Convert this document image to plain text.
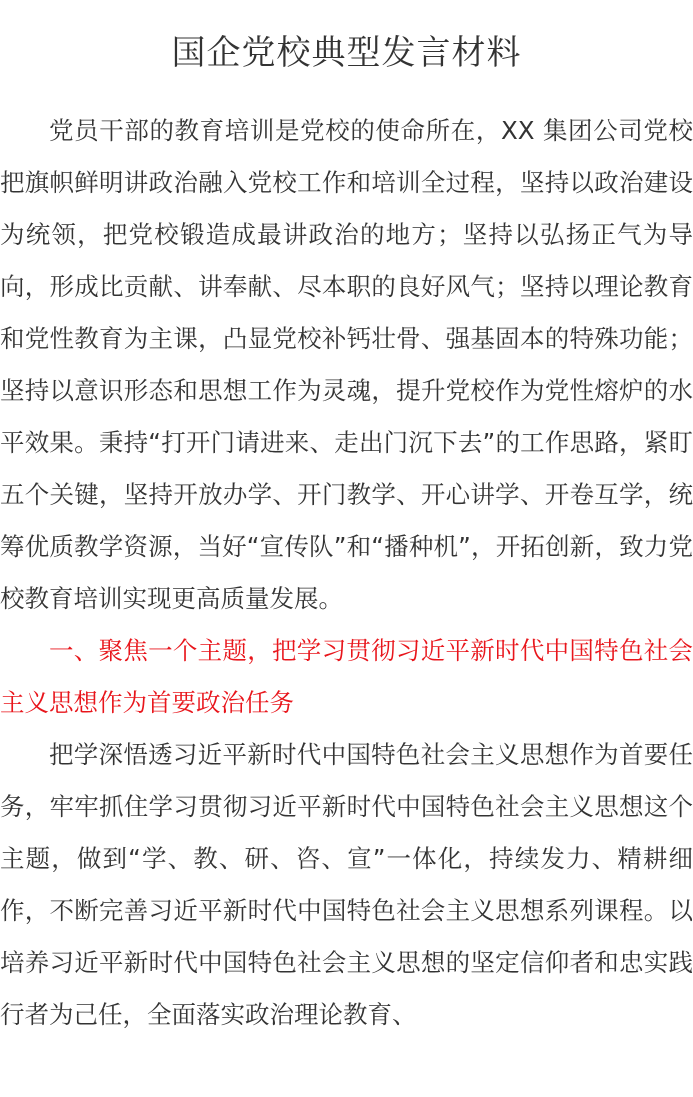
国企党校典型发言材料

党员干部的教育培训是党校的使命所在，XX 集团公司党校把旗帜鲜明讲政治融入党校工作和培训全过程，坚持以政治建设为统领，把党校锻造成最讲政治的地方；坚持以弘扬正气为导向，形成比贡献、讲奉献、尽本职的良好风气；坚持以理论教育和党性教育为主课，凸显党校补钙壮骨、强基固本的特殊功能；坚持以意识形态和思想工作为灵魂，提升党校作为党性熔炉的水平效果。秉持“打开门请进来、走出门沉下去”的工作思路，紧盯五个关键，坚持开放办学、开门教学、开心讲学、开卷互学，统筹优质教学资源，当好“宣传队”和“播种机”，开拓创新，致力党校教育培训实现更高质量发展。

一、聚焦一个主题，把学习贯彻习近平新时代中国特色社会主义思想作为首要政治任务

把学深悟透习近平新时代中国特色社会主义思想作为首要任务，牢牢抓住学习贯彻习近平新时代中国特色社会主义思想这个主题，做到“学、教、研、咨、宣”一体化，持续发力、精耕细作，不断完善习近平新时代中国特色社会主义思想系列课程。以培养习近平新时代中国特色社会主义思想的坚定信仰者和忠实践行者为己任，全面落实政治理论教育、
